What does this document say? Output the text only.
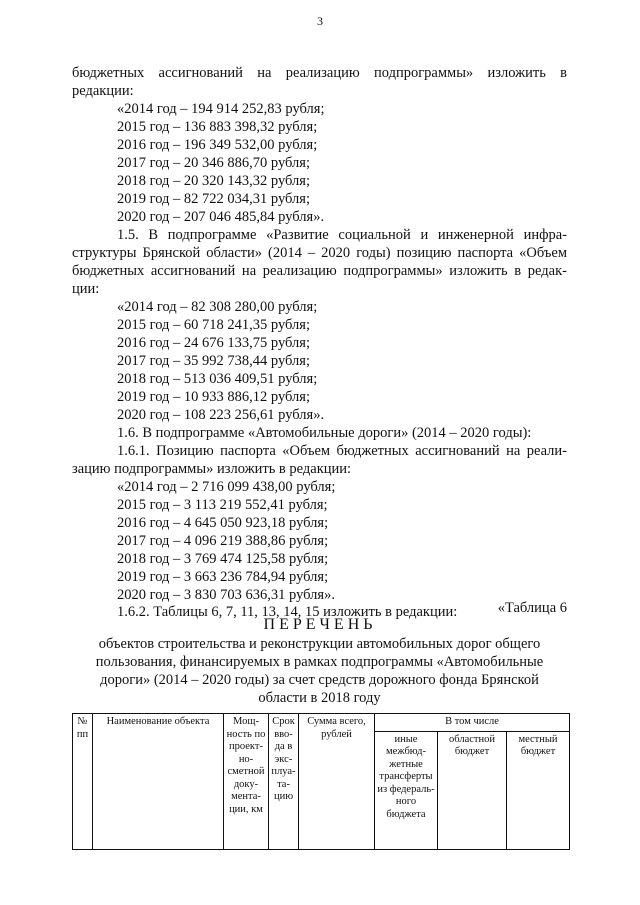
3
бюджетных ассигнований на реализацию подпрограммы» изложить в
редакции:
«2014 год – 194 914 252,83 рубля;
2015 год – 136 883 398,32 рубля;
2016 год – 196 349 532,00 рубля;
2017 год – 20 346 886,70 рубля;
2018 год – 20 320 143,32 рубля;
2019 год – 82 722 034,31 рубля;
2020 год – 207 046 485,84 рубля».
1.5. В подпрограмме «Развитие социальной и инженерной инфра-
структуры Брянской области» (2014 – 2020 годы) позицию паспорта «Объем
бюджетных ассигнований на реализацию подпрограммы» изложить в редак-
ции:
«2014 год – 82 308 280,00 рубля;
2015 год – 60 718 241,35 рубля;
2016 год – 24 676 133,75 рубля;
2017 год – 35 992 738,44 рубля;
2018 год – 513 036 409,51 рубля;
2019 год – 10 933 886,12 рубля;
2020 год – 108 223 256,61 рубля».
1.6. В подпрограмме «Автомобильные дороги» (2014 – 2020 годы):
1.6.1. Позицию паспорта «Объем бюджетных ассигнований на реали-
зацию подпрограммы» изложить в редакции:
«2014 год – 2 716 099 438,00 рубля;
2015 год – 3 113 219 552,41 рубля;
2016 год – 4 645 050 923,18 рубля;
2017 год – 4 096 219 388,86 рубля;
2018 год – 3 769 474 125,58 рубля;
2019 год – 3 663 236 784,94 рубля;
2020 год – 3 830 703 636,31 рубля».
1.6.2. Таблицы 6, 7, 11, 13, 14, 15 изложить в редакции:	«Таблица 6
ПЕРЕЧЕНЬ
объектов строительства и реконструкции автомобильных дорог общего
пользования, финансируемых в рамках подпрограммы «Автомобильные
дороги» (2014 – 2020 годы) за счет средств дорожного фонда Брянской
области в 2018 году
№ пп	Наименование объекта	Мощ-ность по проект-но-сметной доку-мента-ции, км	Срок вво-да в экс-плуа-та-цию	Сумма всего, рублей	В том числе		
					иные межбюд-жетные трансферты из федераль-ного бюджета	областной бюджет	местный бюджет
